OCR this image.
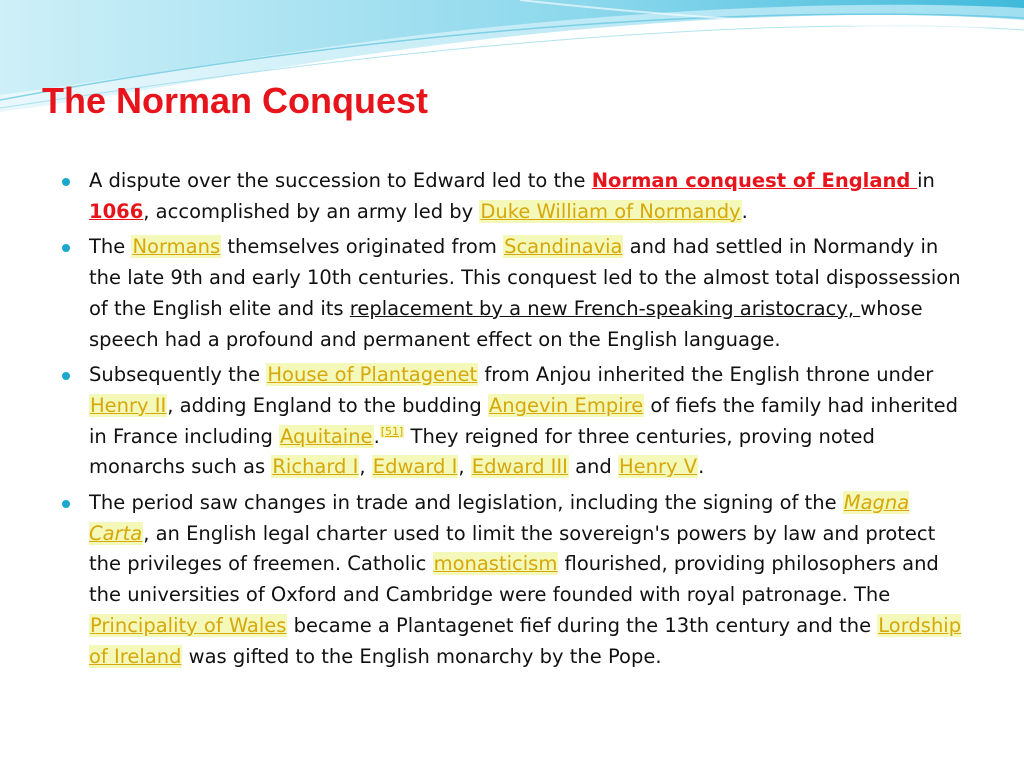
The Norman Conquest
A dispute over the succession to Edward led to the Norman conquest of England in 1066, accomplished by an army led by Duke William of Normandy.
The Normans themselves originated from Scandinavia and had settled in Normandy in the late 9th and early 10th centuries. This conquest led to the almost total dispossession of the English elite and its replacement by a new French-speaking aristocracy, whose speech had a profound and permanent effect on the English language.
Subsequently the House of Plantagenet from Anjou inherited the English throne under Henry II, adding England to the budding Angevin Empire of fiefs the family had inherited in France including Aquitaine.[51] They reigned for three centuries, proving noted monarchs such as Richard I, Edward I, Edward III and Henry V.
The period saw changes in trade and legislation, including the signing of the Magna Carta, an English legal charter used to limit the sovereign's powers by law and protect the privileges of freemen. Catholic monasticism flourished, providing philosophers and the universities of Oxford and Cambridge were founded with royal patronage. The Principality of Wales became a Plantagenet fief during the 13th century and the Lordship of Ireland was gifted to the English monarchy by the Pope.
